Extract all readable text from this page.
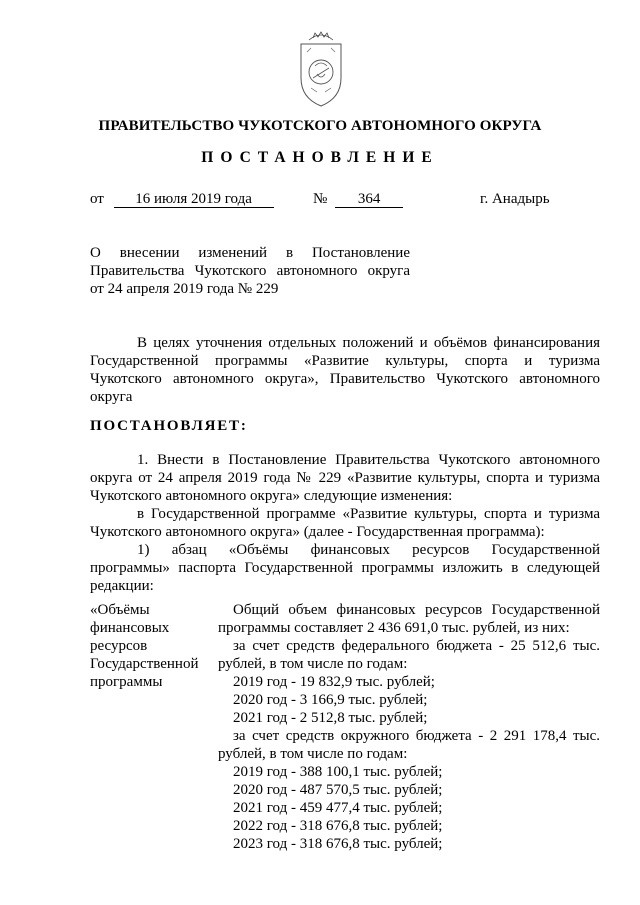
ПРАВИТЕЛЬСТВО ЧУКОТСКОГО АВТОНОМНОГО ОКРУГА
ПОСТАНОВЛЕНИЕ
от 16 июля 2019 года	№ 364	г. Анадырь
О внесении изменений в Постановление
Правительства Чукотского автономного округа
от 24 апреля 2019 года № 229
В целях уточнения отдельных положений и объёмов финансирования
Государственной программы «Развитие культуры, спорта и туризма
Чукотского автономного округа», Правительство Чукотского автономного
округа
ПОСТАНОВЛЯЕТ:
1. Внести в Постановление Правительства Чукотского автономного
округа от 24 апреля 2019 года № 229 «Развитие культуры, спорта и туризма
Чукотского автономного округа» следующие изменения:
в Государственной программе «Развитие культуры, спорта и туризма
Чукотского автономного округа» (далее - Государственная программа):
1) абзац «Объёмы финансовых ресурсов Государственной
программы» паспорта Государственной программы изложить в следующей
редакции:
«Объёмы
финансовых
ресурсов
Государственной
программы
Общий объем финансовых ресурсов Государственной
программы составляет 2 436 691,0 тыс. рублей, из них:
за счет средств федерального бюджета - 25 512,6 тыс.
рублей, в том числе по годам:
2019 год - 19 832,9 тыс. рублей;
2020 год - 3 166,9 тыс. рублей;
2021 год - 2 512,8 тыс. рублей;
за счет средств окружного бюджета - 2 291 178,4 тыс.
рублей, в том числе по годам:
2019 год - 388 100,1 тыс. рублей;
2020 год - 487 570,5 тыс. рублей;
2021 год - 459 477,4 тыс. рублей;
2022 год - 318 676,8 тыс. рублей;
2023 год - 318 676,8 тыс. рублей;
